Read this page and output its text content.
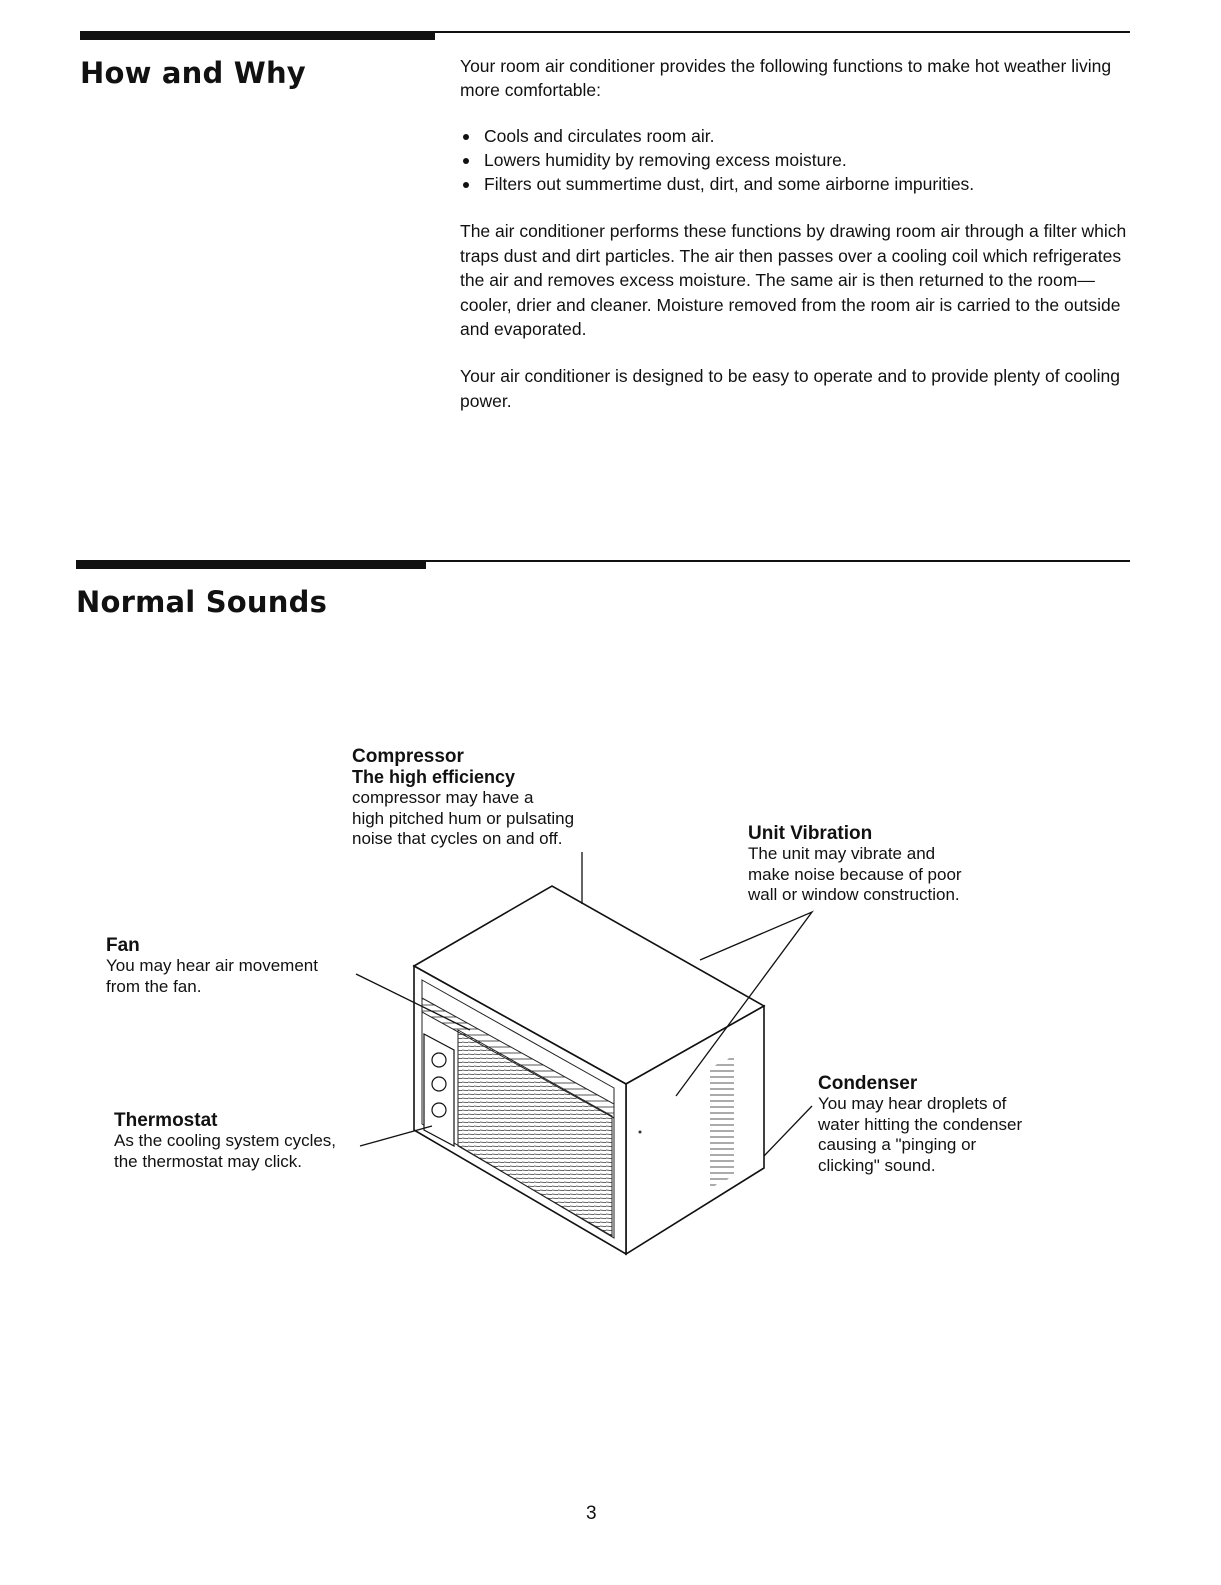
How and Why	Your room air conditioner provides the following functions to make hot weather living more comfortable:

Cools and circulates room air.
Lowers humidity by removing excess moisture.
Filters out summertime dust, dirt, and some airborne impurities.

The air conditioner performs these functions by drawing room air through a filter which traps dust and dirt particles. The air then passes over a cooling coil which refrigerates the air and removes excess moisture. The same air is then returned to the room— cooler, drier and cleaner. Moisture removed from the room air is carried to the outside and evaporated.

Your air conditioner is designed to be easy to operate and to provide plenty of cooling power.

Normal Sounds
Compressor
The high efficiency
compressor may have a
high pitched hum or pulsating
noise that cycles on and off.	Unit Vibration
The unit may vibrate and
make noise because of poor
wall or window construction.
Fan
You may hear air movement
from the fan.
Thermostat
As the cooling system cycles,
the thermostat may click.
Condenser
You may hear droplets of
water hitting the condenser
causing a "pinging or
clicking" sound.
3
